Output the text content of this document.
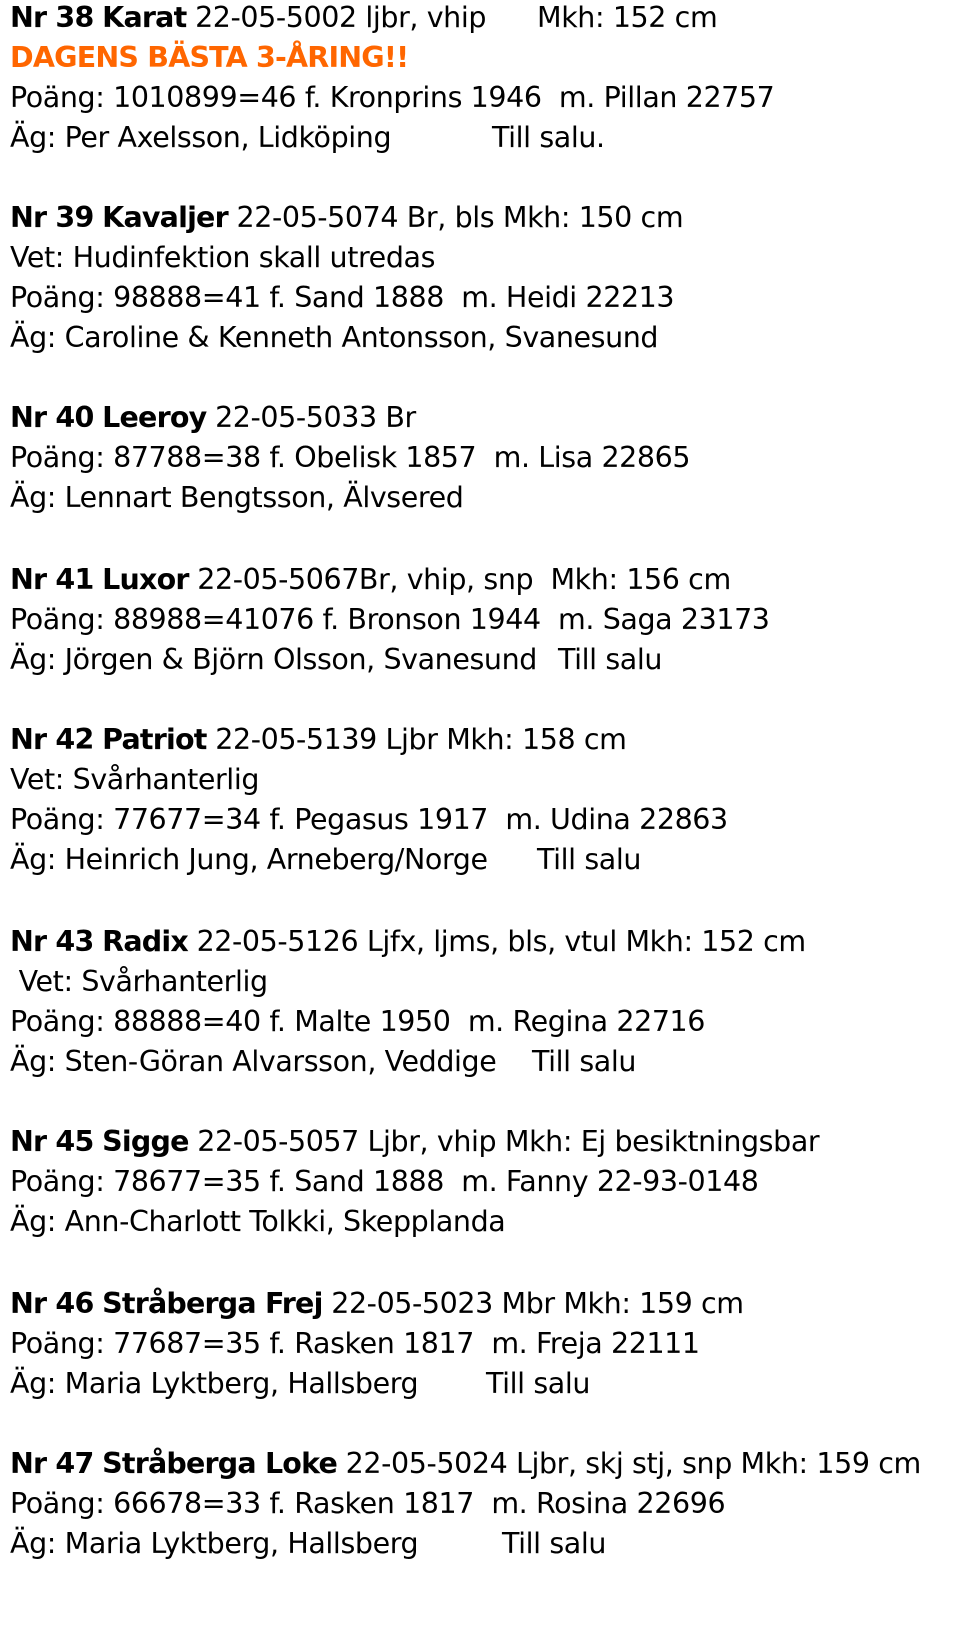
Nr 38 Karat 22-05-5002 ljbr, vhip Mkh: 152 cm
DAGENS BÄSTA 3-ÅRING!!
Poäng: 1010899=46 f. Kronprins 1946  m. Pillan 22757
Äg: Per Axelsson, Lidköping	Till salu.
Nr 39 Kavaljer 22-05-5074 Br, bls Mkh: 150 cm
Vet: Hudinfektion skall utredas
Poäng: 98888=41 f. Sand 1888  m. Heidi 22213
Äg: Caroline & Kenneth Antonsson, Svanesund
Nr 40 Leeroy 22-05-5033 Br
Poäng: 87788=38 f. Obelisk 1857  m. Lisa 22865
Äg: Lennart Bengtsson, Älvsered
Nr 41 Luxor 22-05-5067Br, vhip, snp  Mkh: 156 cm
Poäng: 88988=41076 f. Bronson 1944  m. Saga 23173
Äg: Jörgen & Björn Olsson, Svanesund Till salu
Nr 42 Patriot 22-05-5139 Ljbr Mkh: 158 cm
Vet: Svårhanterlig
Poäng: 77677=34 f. Pegasus 1917  m. Udina 22863
Äg: Heinrich Jung, Arneberg/Norge Till salu
Nr 43 Radix 22-05-5126 Ljfx, ljms, bls, vtul Mkh: 152 cm
Vet: Svårhanterlig
Poäng: 88888=40 f. Malte 1950  m. Regina 22716
Äg: Sten-Göran Alvarsson, Veddige Till salu
Nr 45 Sigge 22-05-5057 Ljbr, vhip Mkh: Ej besiktningsbar
Poäng: 78677=35 f. Sand 1888  m. Fanny 22-93-0148
Äg: Ann-Charlott Tolkki, Skepplanda
Nr 46 Stråberga Frej 22-05-5023 Mbr Mkh: 159 cm
Poäng: 77687=35 f. Rasken 1817  m. Freja 22111
Äg: Maria Lyktberg, Hallsberg Till salu
Nr 47 Stråberga Loke 22-05-5024 Ljbr, skj stj, snp Mkh: 159 cm
Poäng: 66678=33 f. Rasken 1817  m. Rosina 22696
Äg: Maria Lyktberg, Hallsberg	Till salu
